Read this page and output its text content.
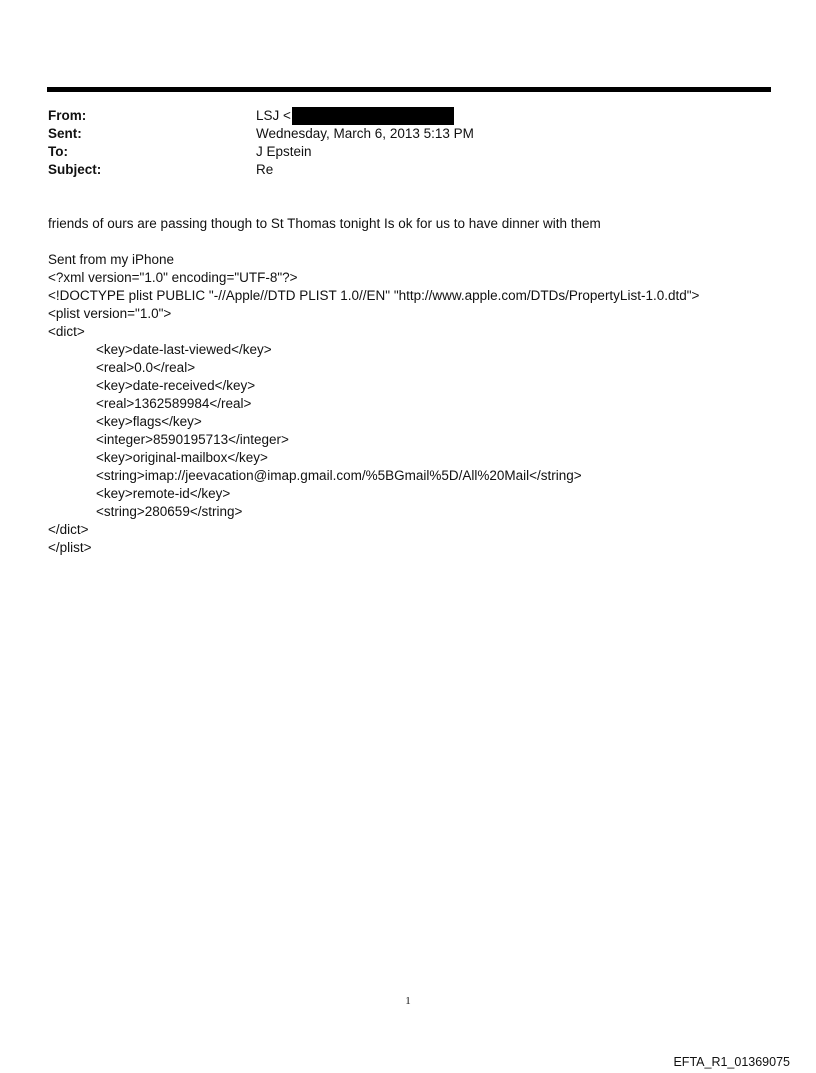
From:	LSJ <
Sent:	Wednesday, March 6, 2013 5:13 PM
To:	J Epstein
Subject:	Re
friends of ours are passing though to St Thomas tonight Is ok for us to have dinner with them
Sent from my iPhone
<?xml version="1.0" encoding="UTF-8"?>
<!DOCTYPE plist PUBLIC "-//Apple//DTD PLIST 1.0//EN" "http://www.apple.com/DTDs/PropertyList-1.0.dtd">
<plist version="1.0">
<dict>
<key>date-last-viewed</key>
<real>0.0</real>
<key>date-received</key>
<real>1362589984</real>
<key>flags</key>
<integer>8590195713</integer>
<key>original-mailbox</key>
<string>imap://jeevacation@imap.gmail.com/%5BGmail%5D/All%20Mail</string>
<key>remote-id</key>
<string>280659</string>
</dict>
</plist>
1
EFTA_R1_01369075
